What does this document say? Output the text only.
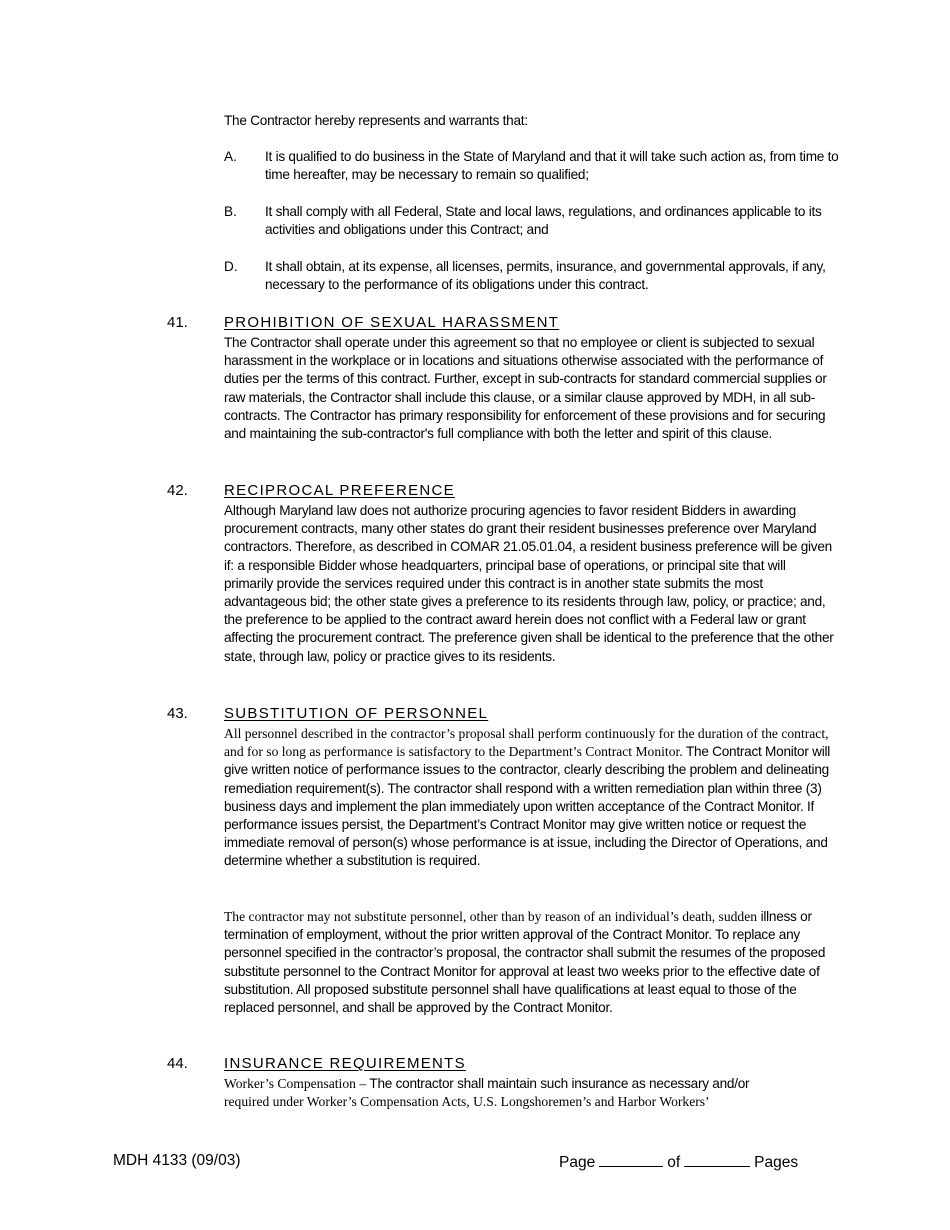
The Contractor hereby represents and warrants that:

A.	It is qualified to do business in the State of Maryland and that it will take such action as, from time to time hereafter, may be necessary to remain so qualified;
B.	It shall comply with all Federal, State and local laws, regulations, and ordinances applicable to its activities and obligations under this Contract; and
D.	It shall obtain, at its expense, all licenses, permits, insurance, and governmental approvals, if any, necessary to the performance of its obligations under this contract.
41. PROHIBITION OF SEXUAL HARASSMENT

The Contractor shall operate under this agreement so that no employee or client is subjected to sexual harassment in the workplace or in locations and situations otherwise associated with the performance of duties per the terms of this contract. Further, except in sub-contracts for standard commercial supplies or raw materials, the Contractor shall include this clause, or a similar clause approved by MDH, in all sub-contracts. The Contractor has primary responsibility for enforcement of these provisions and for securing and maintaining the sub-contractor's full compliance with both the letter and spirit of this clause.

42. RECIPROCAL PREFERENCE

Although Maryland law does not authorize procuring agencies to favor resident Bidders in awarding procurement contracts, many other states do grant their resident businesses preference over Maryland contractors. Therefore, as described in COMAR 21.05.01.04, a resident business preference will be given if: a responsible Bidder whose headquarters, principal base of operations, or principal site that will primarily provide the services required under this contract is in another state submits the most advantageous bid; the other state gives a preference to its residents through law, policy, or practice; and, the preference to be applied to the contract award herein does not conflict with a Federal law or grant affecting the procurement contract. The preference given shall be identical to the preference that the other state, through law, policy or practice gives to its residents.

43. SUBSTITUTION OF PERSONNEL

All personnel described in the contractor’s proposal shall perform continuously for the duration of the contract, and for so long as performance is satisfactory to the Department’s Contract Monitor. The Contract Monitor will give written notice of performance issues to the contractor, clearly describing the problem and delineating remediation requirement(s). The contractor shall respond with a written remediation plan within three (3) business days and implement the plan immediately upon written acceptance of the Contract Monitor. If performance issues persist, the Department’s Contract Monitor may give written notice or request the immediate removal of person(s) whose performance is at issue, including the Director of Operations, and determine whether a substitution is required.

The contractor may not substitute personnel, other than by reason of an individual’s death, sudden illness or termination of employment, without the prior written approval of the Contract Monitor. To replace any personnel specified in the contractor’s proposal, the contractor shall submit the resumes of the proposed substitute personnel to the Contract Monitor for approval at least two weeks prior to the effective date of substitution. All proposed substitute personnel shall have qualifications at least equal to those of the replaced personnel, and shall be approved by the Contract Monitor.

44. INSURANCE REQUIREMENTS

Worker’s Compensation – The contractor shall maintain such insurance as necessary and/or
required under Worker’s Compensation Acts, U.S. Longshoremen’s and Harbor Workers’

MDH 4133 (09/03)	Page	of	Pages
